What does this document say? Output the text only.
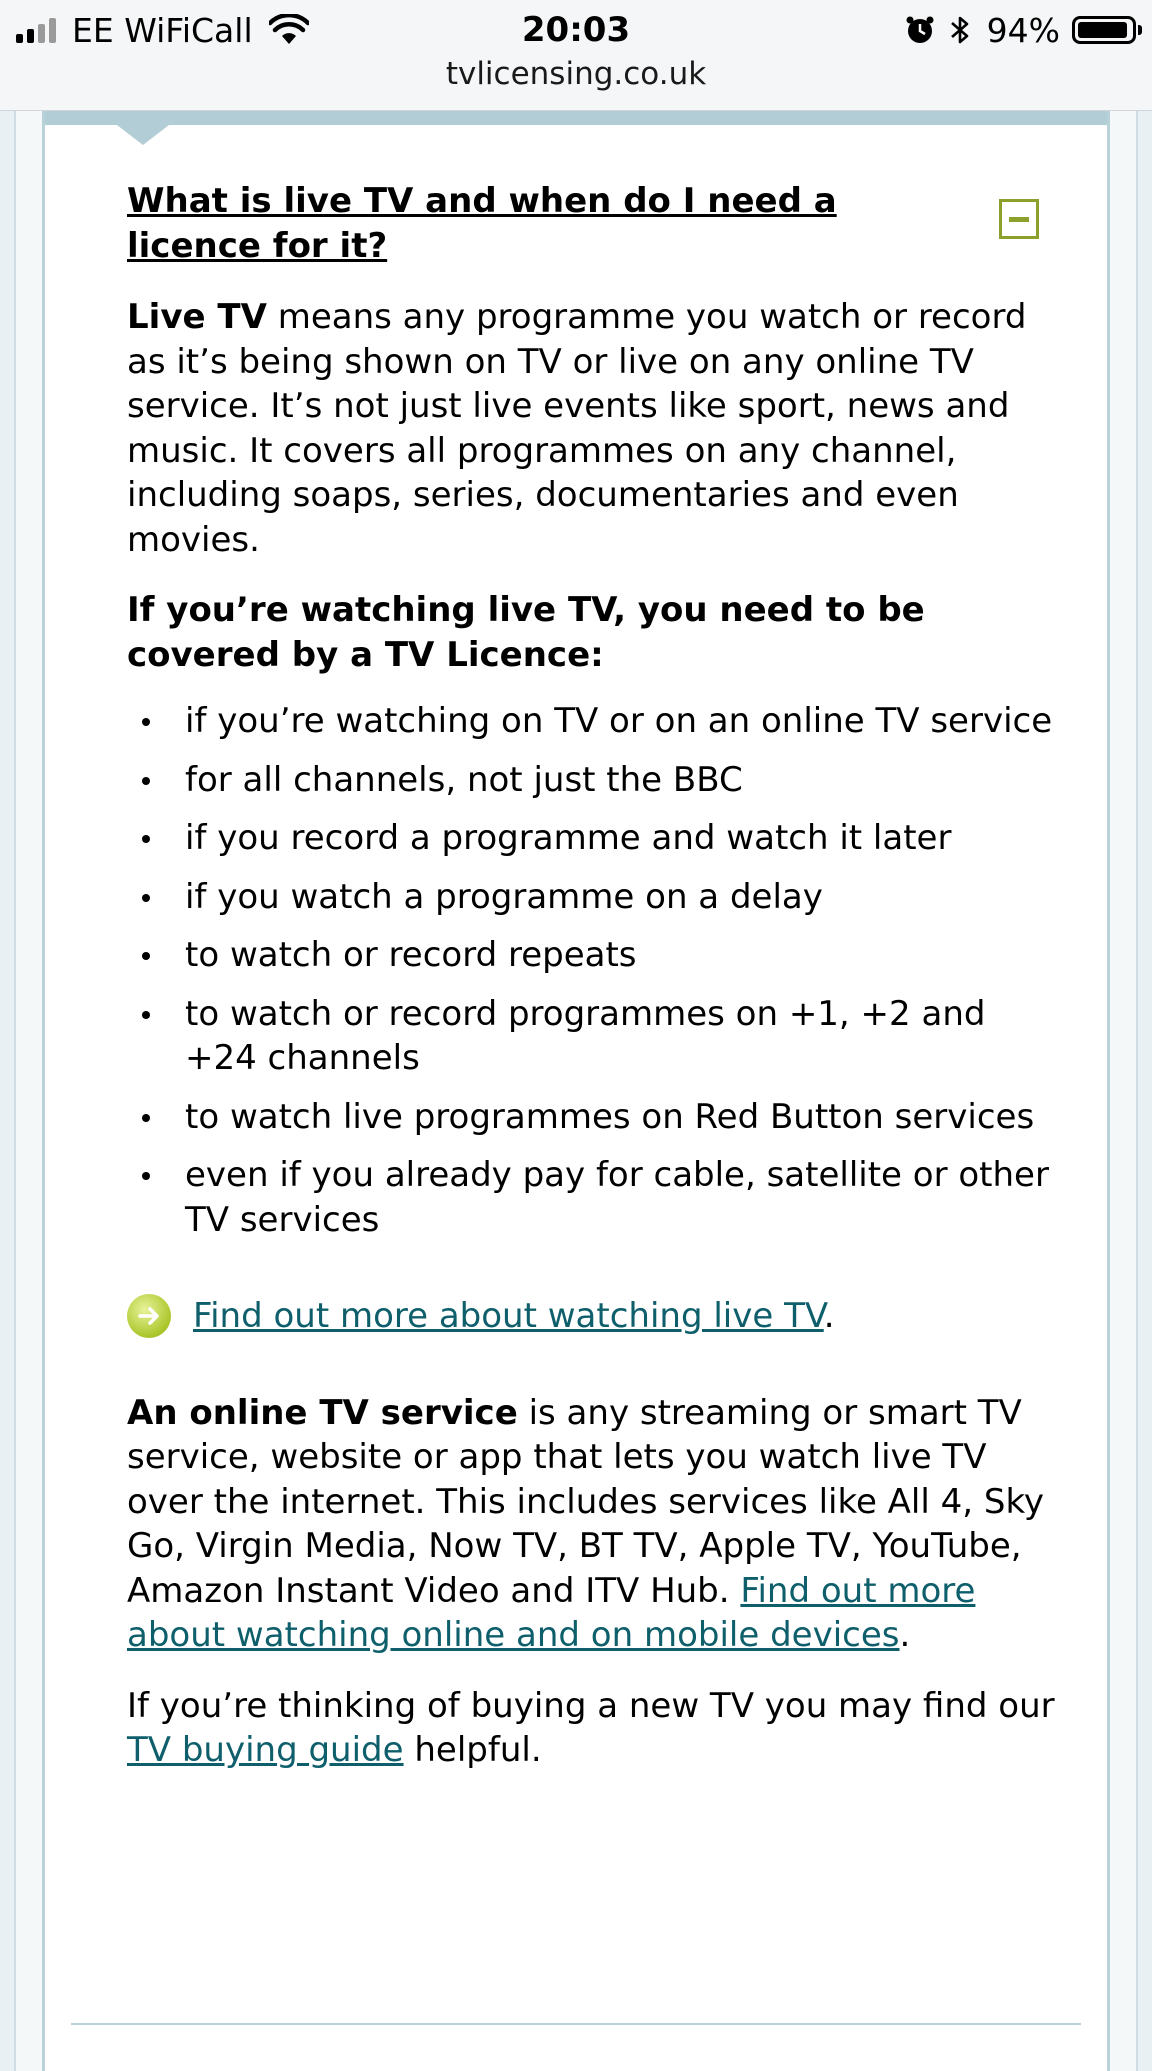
EE WiFiCall	20:03	94%
tvlicensing.co.uk
What is live TV and when do I need a licence for it?

Live TV means any programme you watch or record as it’s being shown on TV or live on any online TV service. It’s not just live events like sport, news and music. It covers all programmes on any channel, including soaps, series, documentaries and even movies.

If you’re watching live TV, you need to be covered by a TV Licence:

if you’re watching on TV or on an online TV service
for all channels, not just the BBC
if you record a programme and watch it later
if you watch a programme on a delay
to watch or record repeats
to watch or record programmes on +1, +2 and +24 channels
to watch live programmes on Red Button services
even if you already pay for cable, satellite or other TV services
Find out more about watching live TV.

An online TV service is any streaming or smart TV service, website or app that lets you watch live TV over the internet. This includes services like All 4, Sky Go, Virgin Media, Now TV, BT TV, Apple TV, YouTube, Amazon Instant Video and ITV Hub. Find out more about watching online and on mobile devices.

If you’re thinking of buying a new TV you may find our TV buying guide helpful.
